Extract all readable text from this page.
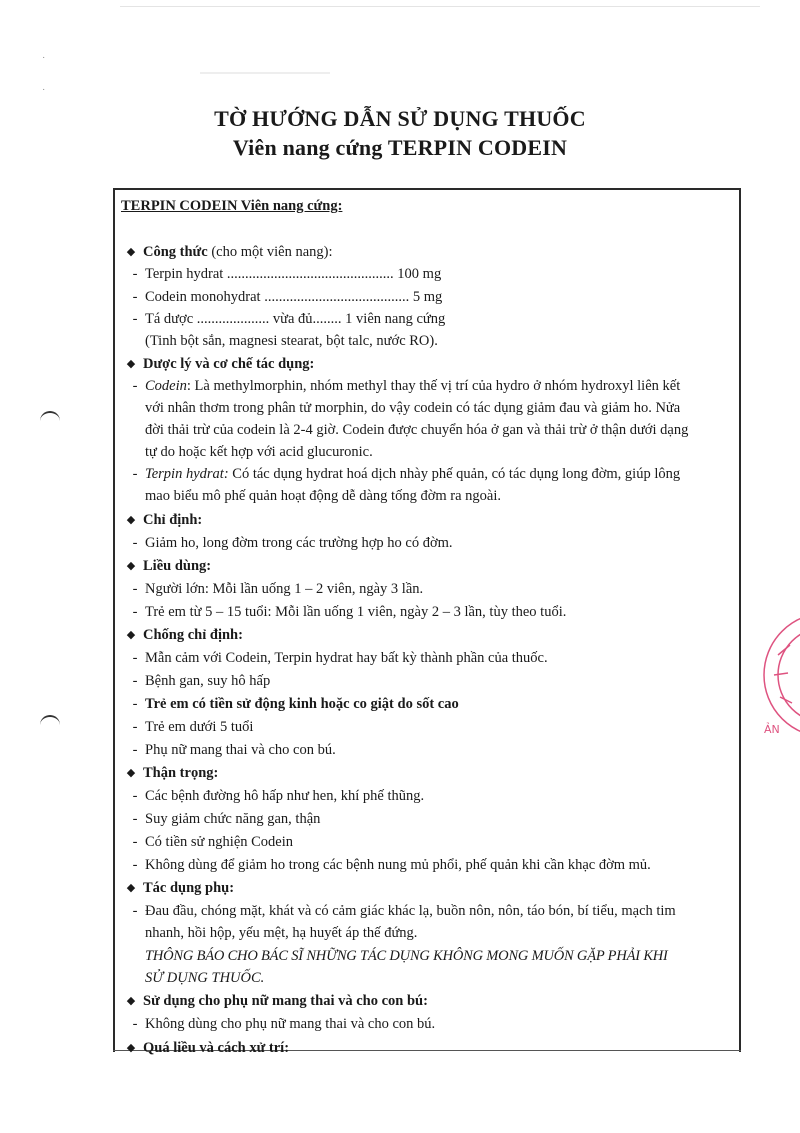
˙
˙
TỜ HƯỚNG DẪN SỬ DỤNG THUỐC
Viên nang cứng TERPIN CODEIN
TERPIN CODEIN Viên nang cứng:
◆ Công thức (cho một viên nang):
- Terpin hydrat .............................................. 100 mg
- Codein monohydrat ........................................ 5 mg
- Tá dược .................... vừa đủ........ 1 viên nang cứng
(Tinh bột sắn, magnesi stearat, bột talc, nước RO).
◆ Dược lý và cơ chế tác dụng:
- Codein: Là methylmorphin, nhóm methyl thay thế vị trí của hydro ở nhóm hydroxyl liên kết
với nhân thơm trong phân tử morphin, do vậy codein có tác dụng giảm đau và giảm ho. Nửa
đời thải trừ của codein là 2-4 giờ. Codein được chuyển hóa ở gan và thải trừ ở thận dưới dạng
tự do hoặc kết hợp với acid glucuronic.
- Terpin hydrat: Có tác dụng hydrat hoá dịch nhày phế quản, có tác dụng long đờm, giúp lông
mao biểu mô phế quản hoạt động dễ dàng tống đờm ra ngoài.
◆ Chỉ định:
- Giảm ho, long đờm trong các trường hợp ho có đờm.
◆ Liều dùng:
- Người lớn: Mỗi lần uống 1 – 2 viên, ngày 3 lần.
- Trẻ em từ 5 – 15 tuổi: Mỗi lần uống 1 viên, ngày 2 – 3 lần, tùy theo tuổi.
◆ Chống chỉ định:
- Mẫn cảm với Codein, Terpin hydrat hay bất kỳ thành phần của thuốc.
- Bệnh gan, suy hô hấp
- Trẻ em có tiền sử động kinh hoặc co giật do sốt cao
- Trẻ em dưới 5 tuổi
- Phụ nữ mang thai và cho con bú.
◆ Thận trọng:
- Các bệnh đường hô hấp như hen, khí phế thũng.
- Suy giảm chức năng gan, thận
- Có tiền sử nghiện Codein
- Không dùng để giảm ho trong các bệnh nung mủ phổi, phế quản khi cần khạc đờm mủ.
◆ Tác dụng phụ:
- Đau đầu, chóng mặt, khát và có cảm giác khác lạ, buồn nôn, nôn, táo bón, bí tiểu, mạch tim
nhanh, hồi hộp, yếu mệt, hạ huyết áp thế đứng.
THÔNG BÁO CHO BÁC SĨ NHỮNG TÁC DỤNG KHÔNG MONG MUỐN GẶP PHẢI KHI
SỬ DỤNG THUỐC.
◆ Sử dụng cho phụ nữ mang thai và cho con bú:
- Không dùng cho phụ nữ mang thai và cho con bú.
◆ Quá liều và cách xử trí:
ẢN
